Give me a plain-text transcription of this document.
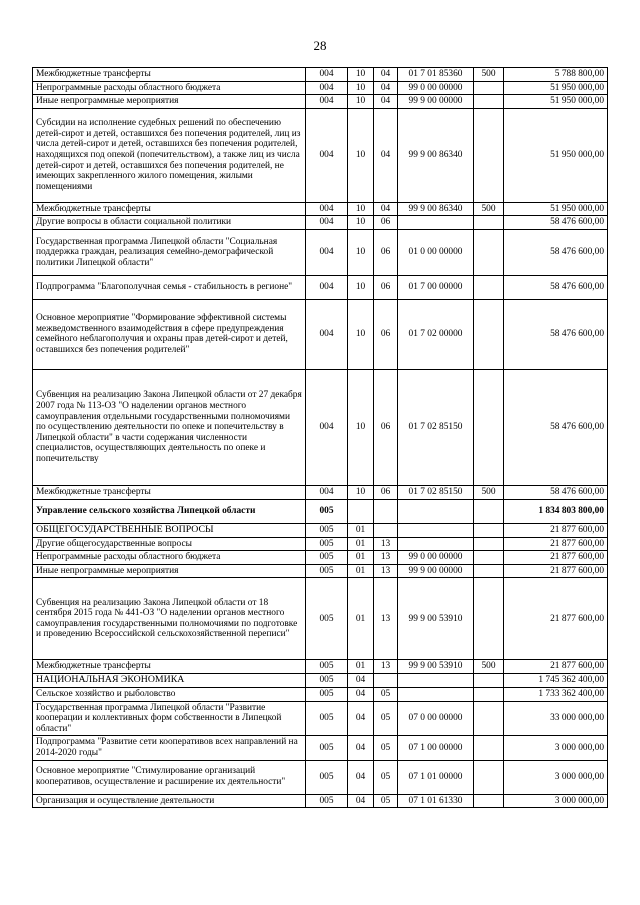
28
Межбюджетные трансферты	004	10	04	01 7 01 85360	500	5 788 800,00
Непрограммные расходы областного бюджета	004	10	04	99 0 00 00000		51 950 000,00
Иные непрограммные мероприятия	004	10	04	99 9 00 00000		51 950 000,00
Субсидии на исполнение судебных решений по обеспечению детей-сирот и детей, оставшихся без попечения родителей, лиц из числа детей-сирот и детей, оставшихся без попечения родителей, находящихся под опекой (попечительством), а также лиц из числа детей-сирот и детей, оставшихся без попечения родителей, не имеющих закрепленного жилого помещения, жилыми помещениями	004	10	04	99 9 00 86340		51 950 000,00
Межбюджетные трансферты	004	10	04	99 9 00 86340	500	51 950 000,00
Другие вопросы в области социальной политики	004	10	06			58 476 600,00
Государственная программа Липецкой области "Социальная поддержка граждан, реализация семейно-демографической политики Липецкой области"	004	10	06	01 0 00 00000		58 476 600,00
Подпрограмма "Благополучная семья - стабильность в регионе"	004	10	06	01 7 00 00000		58 476 600,00
Основное мероприятие "Формирование эффективной системы межведомственного взаимодействия в сфере предупреждения семейного неблагополучия и охраны прав детей-сирот и детей, оставшихся без попечения родителей"	004	10	06	01 7 02 00000		58 476 600,00
Субвенция на реализацию Закона Липецкой области от 27 декабря 2007 года № 113-ОЗ "О наделении органов местного самоуправления отдельными государственными полномочиями по осуществлению деятельности по опеке и попечительству в Липецкой области" в части содержания численности специалистов, осуществляющих деятельность по опеке и попечительству	004	10	06	01 7 02 85150		58 476 600,00
Межбюджетные трансферты	004	10	06	01 7 02 85150	500	58 476 600,00
Управление сельского хозяйства Липецкой области	005					1 834 803 800,00
ОБЩЕГОСУДАРСТВЕННЫЕ ВОПРОСЫ	005	01				21 877 600,00
Другие общегосударственные вопросы	005	01	13			21 877 600,00
Непрограммные расходы областного бюджета	005	01	13	99 0 00 00000		21 877 600,00
Иные непрограммные мероприятия	005	01	13	99 9 00 00000		21 877 600,00
Субвенция на реализацию Закона Липецкой области от 18 сентября 2015 года № 441-ОЗ "О наделении органов местного самоуправления государственными полномочиями по подготовке и проведению Всероссийской сельскохозяйственной переписи"	005	01	13	99 9 00 53910		21 877 600,00
Межбюджетные трансферты	005	01	13	99 9 00 53910	500	21 877 600,00
НАЦИОНАЛЬНАЯ ЭКОНОМИКА	005	04				1 745 362 400,00
Сельское хозяйство и рыболовство	005	04	05			1 733 362 400,00
Государственная программа Липецкой области "Развитие кооперации и коллективных форм собственности в Липецкой области"	005	04	05	07 0 00 00000		33 000 000,00
Подпрограмма "Развитие сети кооперативов всех направлений на 2014-2020 годы"	005	04	05	07 1 00 00000		3 000 000,00
Основное мероприятие "Стимулирование организаций кооперативов, осуществление и расширение их деятельности"	005	04	05	07 1 01 00000		3 000 000,00
Организация и осуществление деятельности	005	04	05	07 1 01 61330		3 000 000,00
